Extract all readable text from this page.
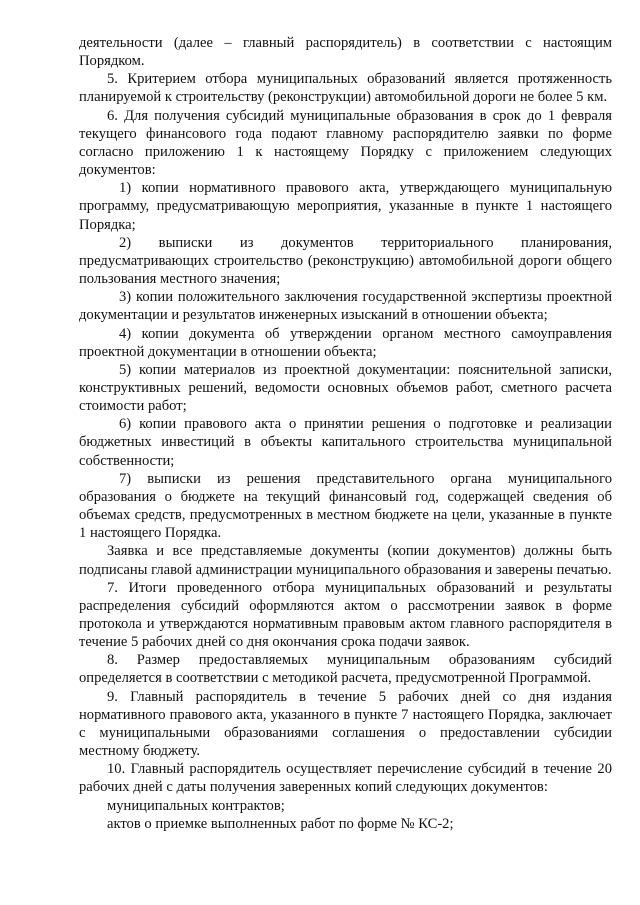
деятельности (далее – главный распорядитель) в соответствии с настоящим Порядком.

5. Критерием отбора муниципальных образований является протяженность планируемой к строительству (реконструкции) автомобильной дороги не более 5 км.

6. Для получения субсидий муниципальные образования в срок до 1 февраля текущего финансового года подают главному распорядителю заявки по форме согласно приложению 1 к настоящему Порядку с приложением следующих документов:

1) копии нормативного правового акта, утверждающего муниципальную программу, предусматривающую мероприятия, указанные в пункте 1 настоящего Порядка;

2) выписки из документов территориального планирования, предусматривающих строительство (реконструкцию) автомобильной дороги общего пользования местного значения;

3) копии положительного заключения государственной экспертизы проектной документации и результатов инженерных изысканий в отношении объекта;

4) копии документа об утверждении органом местного самоуправления проектной документации в отношении объекта;

5) копии материалов из проектной документации: пояснительной записки, конструктивных решений, ведомости основных объемов работ, сметного расчета стоимости работ;

6) копии правового акта о принятии решения о подготовке и реализации бюджетных инвестиций в объекты капитального строительства муниципальной собственности;

7) выписки из решения представительного органа муниципального образования о бюджете на текущий финансовый год, содержащей сведения об объемах средств, предусмотренных в местном бюджете на цели, указанные в пункте 1 настоящего Порядка.

Заявка и все представляемые документы (копии документов) должны быть подписаны главой администрации муниципального образования и заверены печатью.

7. Итоги проведенного отбора муниципальных образований и результаты распределения субсидий оформляются актом о рассмотрении заявок в форме протокола и утверждаются нормативным правовым актом главного распорядителя в течение 5 рабочих дней со дня окончания срока подачи заявок.

8. Размер предоставляемых муниципальным образованиям субсидий определяется в соответствии с методикой расчета, предусмотренной Программой.

9. Главный распорядитель в течение 5 рабочих дней со дня издания нормативного правового акта, указанного в пункте 7 настоящего Порядка, заключает с муниципальными образованиями соглашения о предоставлении субсидии местному бюджету.

10. Главный распорядитель осуществляет перечисление субсидий в течение 20 рабочих дней с даты получения заверенных копий следующих документов:

муниципальных контрактов;

актов о приемке выполненных работ по форме № КС-2;
